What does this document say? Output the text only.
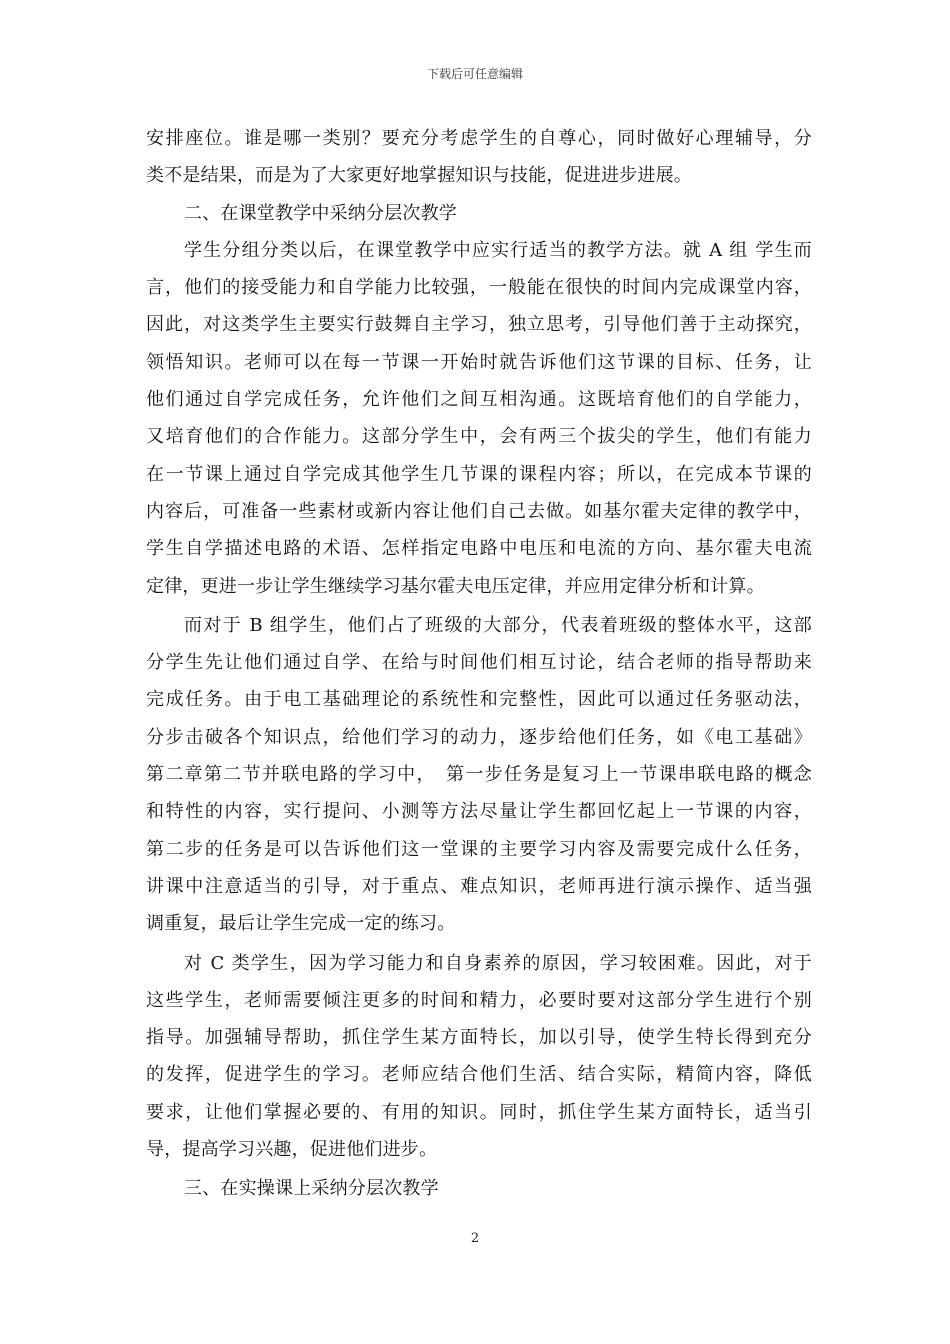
下载后可任意编辑
安排座位。谁是哪一类别？要充分考虑学生的自尊心，同时做好心理辅导，分
类不是结果，而是为了大家更好地掌握知识与技能，促进进步进展。
二、在课堂教学中采纳分层次教学
学生分组分类以后，在课堂教学中应实行适当的教学方法。就 A 组 学生而
言，他们的接受能力和自学能力比较强，一般能在很快的时间内完成课堂内容，
因此，对这类学生主要实行鼓舞自主学习，独立思考，引导他们善于主动探究，
领悟知识。老师可以在每一节课一开始时就告诉他们这节课的目标、任务，让
他们通过自学完成任务，允许他们之间互相沟通。这既培育他们的自学能力，
又培育他们的合作能力。这部分学生中，会有两三个拔尖的学生，他们有能力
在一节课上通过自学完成其他学生几节课的课程内容；所以，在完成本节课的
内容后，可准备一些素材或新内容让他们自己去做。如基尔霍夫定律的教学中，
学生自学描述电路的术语、怎样指定电路中电压和电流的方向、基尔霍夫电流
定律，更进一步让学生继续学习基尔霍夫电压定律，并应用定律分析和计算。
而对于 B 组学生，他们占了班级的大部分，代表着班级的整体水平，这部
分学生先让他们通过自学、在给与时间他们相互讨论，结合老师的指导帮助来
完成任务。由于电工基础理论的系统性和完整性，因此可以通过任务驱动法，
分步击破各个知识点，给他们学习的动力，逐步给他们任务，如《电工基础》
第二章第二节并联电路的学习中，　第一步任务是复习上一节课串联电路的概念
和特性的内容，实行提问、小测等方法尽量让学生都回忆起上一节课的内容，
第二步的任务是可以告诉他们这一堂课的主要学习内容及需要完成什么任务，
讲课中注意适当的引导，对于重点、难点知识，老师再进行演示操作、适当强
调重复，最后让学生完成一定的练习。
对 C 类学生，因为学习能力和自身素养的原因，学习较困难。因此，对于
这些学生，老师需要倾注更多的时间和精力，必要时要对这部分学生进行个别
指导。加强辅导帮助，抓住学生某方面特长，加以引导，使学生特长得到充分
的发挥，促进学生的学习。老师应结合他们生活、结合实际，精简内容，降低
要求，让他们掌握必要的、有用的知识。同时，抓住学生某方面特长，适当引
导，提高学习兴趣，促进他们进步。
三、在实操课上采纳分层次教学
2
